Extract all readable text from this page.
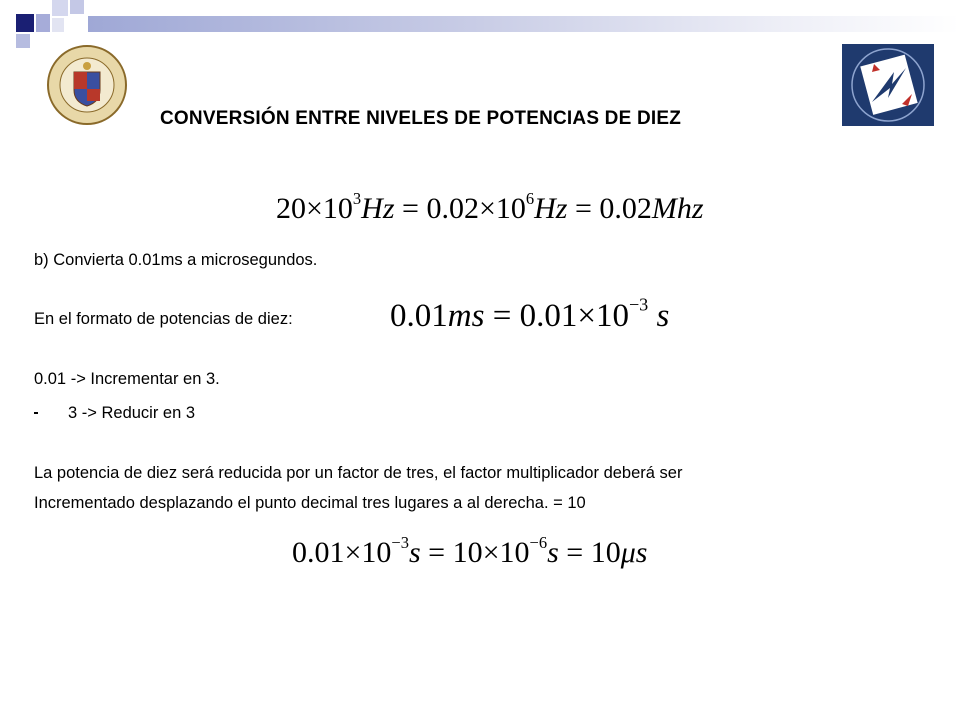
CONVERSIÓN ENTRE NIVELES DE POTENCIAS DE DIEZ
$20\times 10^3Hz = 0.02\times 10^6Hz = 0.02Mhz$
b) Convierta 0.01ms a microsegundos.
En el formato de potencias de diez:	$0.01ms = 0.01\times 10^{-3}$ s
0.01 -> Incrementar en 3.
3 -> Reducir en 3
La potencia de diez será reducida por un factor de tres, el factor multiplicador deberá ser
Incrementado desplazando el punto decimal tres lugares a al derecha. = 10
$0.01\times 10^{-3}s = 10\times 10^{-6}s = 10\mu s$
